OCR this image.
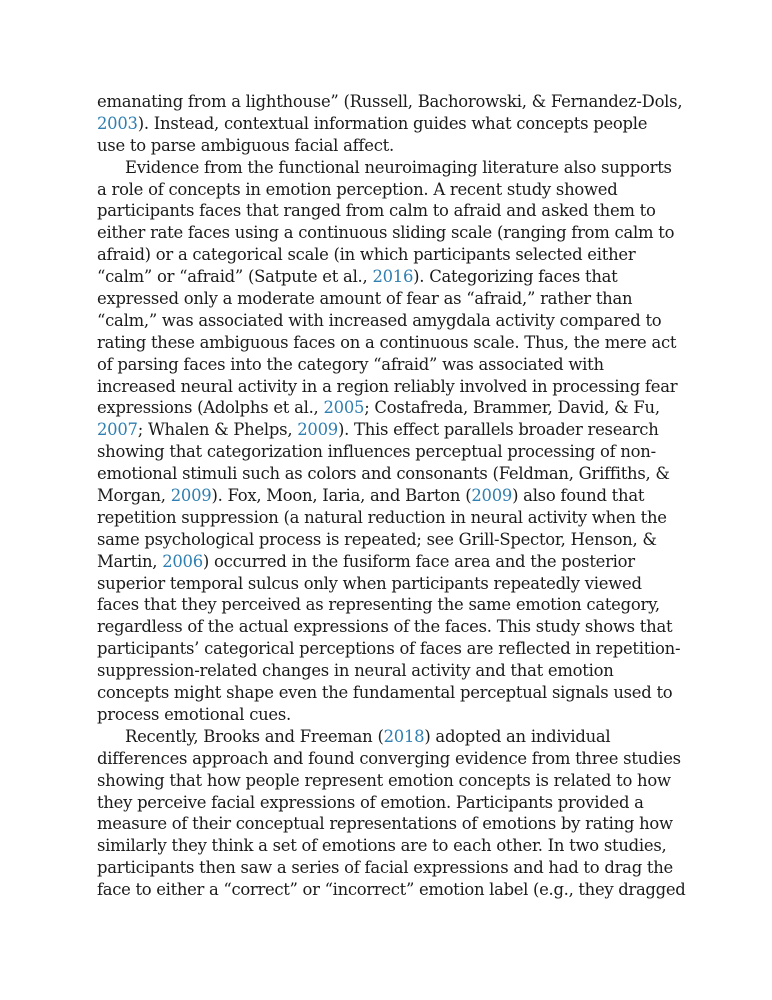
emanating from a lighthouse” (Russell, Bachorowski, & Fernandez-Dols,
2003). Instead, contextual information guides what concepts people
use to parse ambiguous facial affect.
Evidence from the functional neuroimaging literature also supports
a role of concepts in emotion perception. A recent study showed
participants faces that ranged from calm to afraid and asked them to
either rate faces using a continuous sliding scale (ranging from calm to
afraid) or a categorical scale (in which participants selected either
“calm” or “afraid” (Satpute et al., 2016). Categorizing faces that
expressed only a moderate amount of fear as “afraid,” rather than
“calm,” was associated with increased amygdala activity compared to
rating these ambiguous faces on a continuous scale. Thus, the mere act
of parsing faces into the category “afraid” was associated with
increased neural activity in a region reliably involved in processing fear
expressions (Adolphs et al., 2005; Costafreda, Brammer, David, & Fu,
2007; Whalen & Phelps, 2009). This effect parallels broader research
showing that categorization influences perceptual processing of non-
emotional stimuli such as colors and consonants (Feldman, Griffiths, &
Morgan, 2009). Fox, Moon, Iaria, and Barton (2009) also found that
repetition suppression (a natural reduction in neural activity when the
same psychological process is repeated; see Grill-Spector, Henson, &
Martin, 2006) occurred in the fusiform face area and the posterior
superior temporal sulcus only when participants repeatedly viewed
faces that they perceived as representing the same emotion category,
regardless of the actual expressions of the faces. This study shows that
participants’ categorical perceptions of faces are reflected in repetition-
suppression-related changes in neural activity and that emotion
concepts might shape even the fundamental perceptual signals used to
process emotional cues.
Recently, Brooks and Freeman (2018) adopted an individual
differences approach and found converging evidence from three studies
showing that how people represent emotion concepts is related to how
they perceive facial expressions of emotion. Participants provided a
measure of their conceptual representations of emotions by rating how
similarly they think a set of emotions are to each other. In two studies,
participants then saw a series of facial expressions and had to drag the
face to either a “correct” or “incorrect” emotion label (e.g., they dragged
